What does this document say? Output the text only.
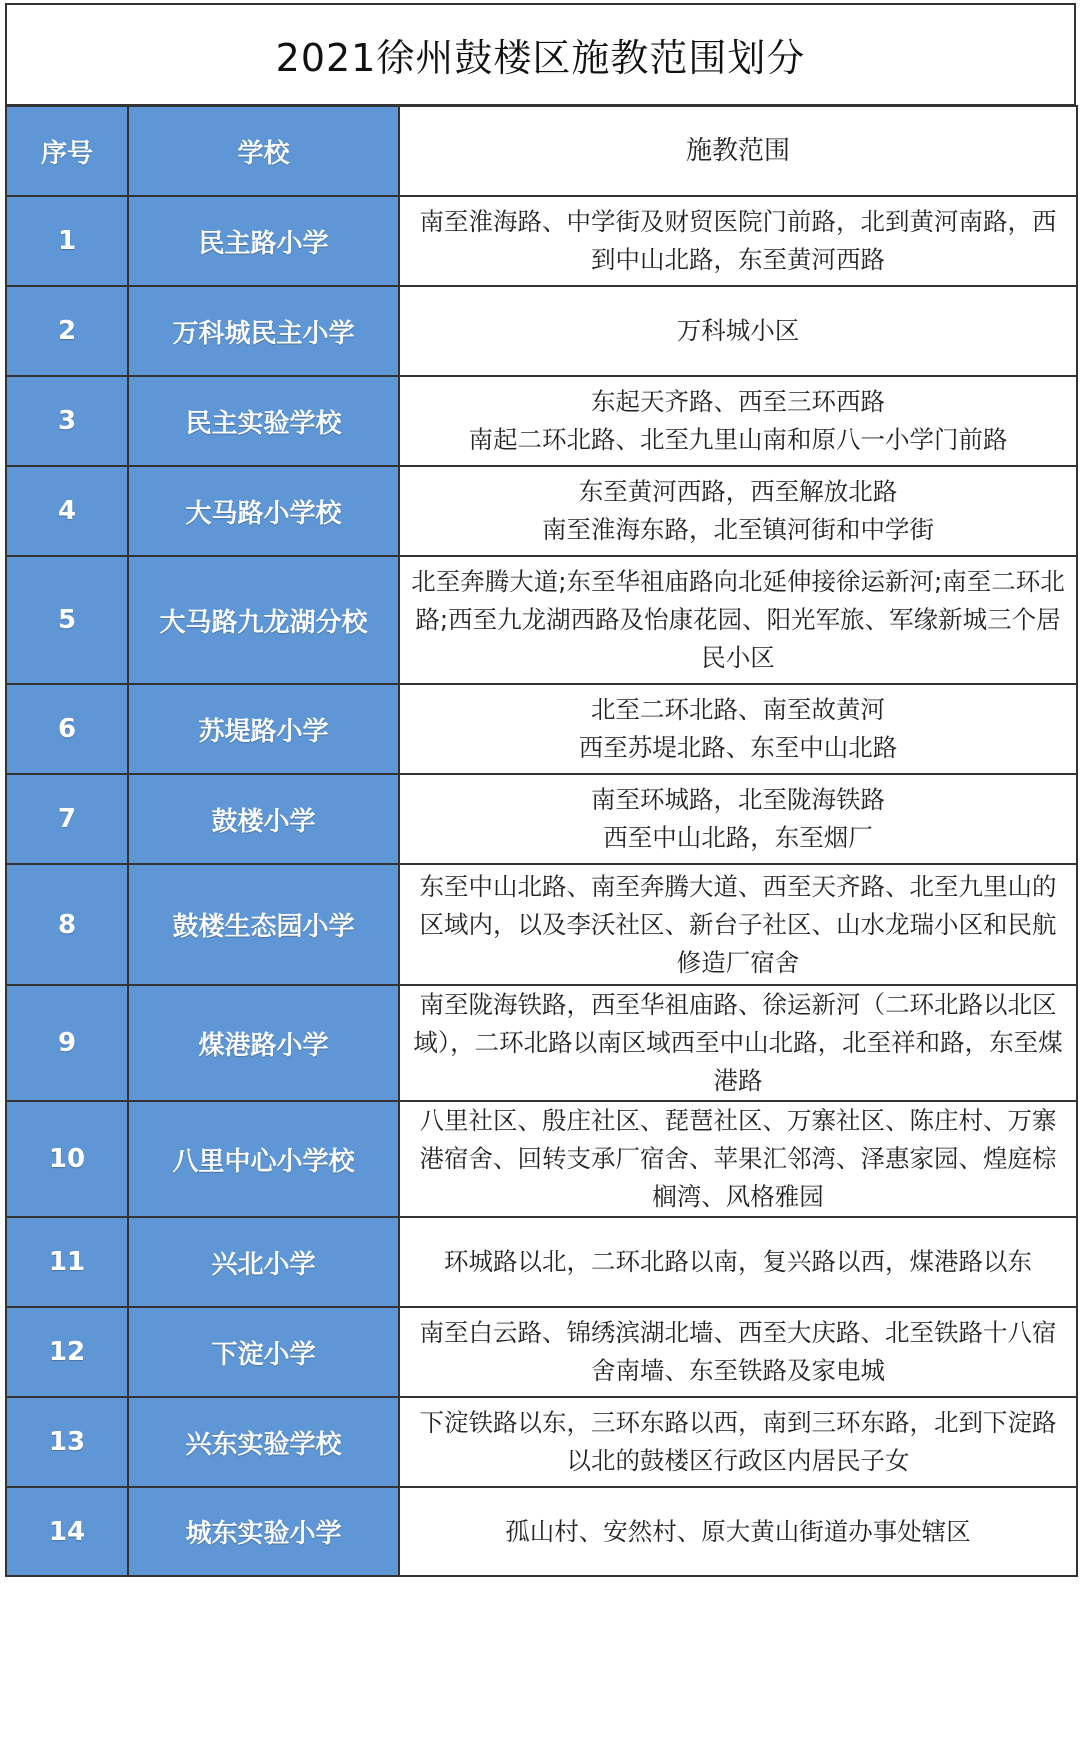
2021徐州鼓楼区施教范围划分
序号	学校	施教范围
1	民主路小学	南至淮海路、中学街及财贸医院门前路，北到黄河南路，西到中山北路，东至黄河西路
2	万科城民主小学	万科城小区
3	民主实验学校	东起天齐路、西至三环西路
南起二环北路、北至九里山南和原八一小学门前路
4	大马路小学校	东至黄河西路，西至解放北路
南至淮海东路，北至镇河街和中学街
5	大马路九龙湖分校	北至奔腾大道;东至华祖庙路向北延伸接徐运新河;南至二环北路;西至九龙湖西路及怡康花园、阳光军旅、军缘新城三个居民小区
6	苏堤路小学	北至二环北路、南至故黄河
西至苏堤北路、东至中山北路
7	鼓楼小学	南至环城路，北至陇海铁路
西至中山北路，东至烟厂
8	鼓楼生态园小学	东至中山北路、南至奔腾大道、西至天齐路、北至九里山的区域内，以及李沃社区、新台子社区、山水龙瑞小区和民航修造厂宿舍
9	煤港路小学	南至陇海铁路，西至华祖庙路、徐运新河（二环北路以北区域），二环北路以南区域西至中山北路，北至祥和路，东至煤港路
10	八里中心小学校	八里社区、殷庄社区、琵琶社区、万寨社区、陈庄村、万寨港宿舍、回转支承厂宿舍、苹果汇邻湾、泽惠家园、煌庭棕榈湾、风格雅园
11	兴北小学	环城路以北，二环北路以南，复兴路以西，煤港路以东
12	下淀小学	南至白云路、锦绣滨湖北墙、西至大庆路、北至铁路十八宿舍南墙、东至铁路及家电城
13	兴东实验学校	下淀铁路以东，三环东路以西，南到三环东路，北到下淀路以北的鼓楼区行政区内居民子女
14	城东实验小学	孤山村、安然村、原大黄山街道办事处辖区
